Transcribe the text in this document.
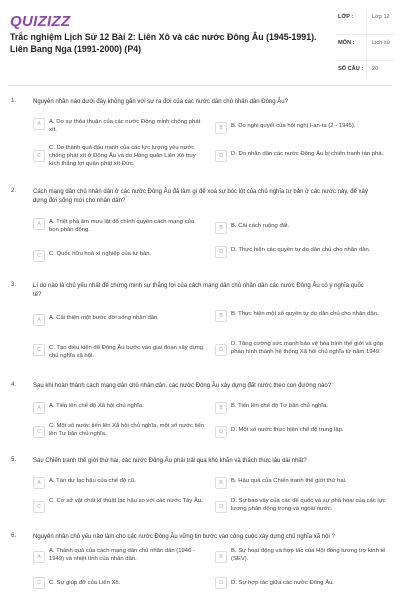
QUIZIZZ
Trắc nghiệm Lịch Sử 12 Bài 2: Liên Xô và các nước Đông Âu (1945-1991). Liên Bang Nga (1991-2000) (P4)
LỚP :	Lớp 12
MÔN :	Lịch sử
SỐ CÂU : 20
1.	Nguyên nhân nào dưới đây không gắn với sự ra đời của các nước dân chủ nhân dân Đông Âu?
A	A. Do sự thỏa thuận của các nước Đồng minh chống phát xít.	B	B. Do nghị quyết của hội nghị I-an-ta (2 - 1945).
C
C. Do thành quả đấu tranh của các lực lượng yêu nước chống phát xít ở Đông Âu và do Hồng quân Liên Xô truy kích thắng lợi quân phát xít Đức.
D	D. Do nhân dân các nước Đông Âu bị chiến tranh tàn phá.
2.	Cách mạng dân chủ nhân dân ở các nước Đông Âu đã làm gì để xoá sự bóc lột của chủ nghĩa tư bản ở các nước này, để xây dựng đời sống mới cho nhân dân?
A	A. Triệt phá âm mưu lật đổ chính quyền cách mạng của bọn phản động.	B	B. Cải cách ruộng đất.
C	C. Quốc hữu hoá xí nghiệp của tư bản.	D	D. Thực hiện các quyền tự do dân chủ cho nhân dân.
3.	Lí do nào là chủ yếu nhất để chứng minh sự thắng lợi của cách mạng dân chủ nhân dân các nước Đông Âu có ý nghĩa quốc tế?
A	A. Cải thiện một bước đời sống nhân dân.	B	B. Thực hiện một số quyền tự do dân chủ cho nhân dân.
C	C. Tạo điều kiện để Đông Âu bước vào giai đoạn xây dựng chủ nghĩa xã hội.
D
D. Tăng cường sức mạnh bảo vệ hòa bình thế giới và góp phần hình thành hệ thống Xã hội chủ nghĩa từ năm 1949.
4.	Sau khi hoàn thành cách mạng dân chủ nhân dân, các nước Đông Âu xây dựng đất nước theo con đường nào?
A	A. Tiến lên chế độ Xã hội chủ nghĩa.	B	B. Tiến lên chế độ Tư bản chủ nghĩa.
C
C. Một số nước tiến lên Xã hội chủ nghĩa, một số nước tiến lên Tư bản chủ nghĩa.	D	D. Một số nước thực hiện chế độ trung lập.
5.	Sau Chiến tranh thế giới thứ hai, các nước Đông Âu phải trải qua khó khăn và thách thức lâu dài nhất?
A	A. Tàn dư lạc hậu của chế độ cũ.	B	B. Hậu quả của Chiến tranh thế giới thứ hai.
C
C. Cơ sở vật chất kĩ thuật lạc hậu so với các nước Tây Âu.
D
D. Sự bao vây của các đế quốc và sự phá hoại của các lực lượng phản động trong và ngoài nước.
6.	Nguyên nhân chủ yếu nào làm cho các nước Đông Âu vững tin bước vào công cuộc xây dựng chủ nghĩa xã hội ?
A
A. Thành quả của cách mạng dân chủ nhân dân (1946 - 1949) và nhiệt tình của nhân dân.	B
B. Sự hoạt động và hợp tác của Hội đồng tương trợ kinh tế (SEV).
C	C. Sự giúp đỡ của Liên Xô.	D	D. Sự hợp tác giữa các nước Đông Âu.
